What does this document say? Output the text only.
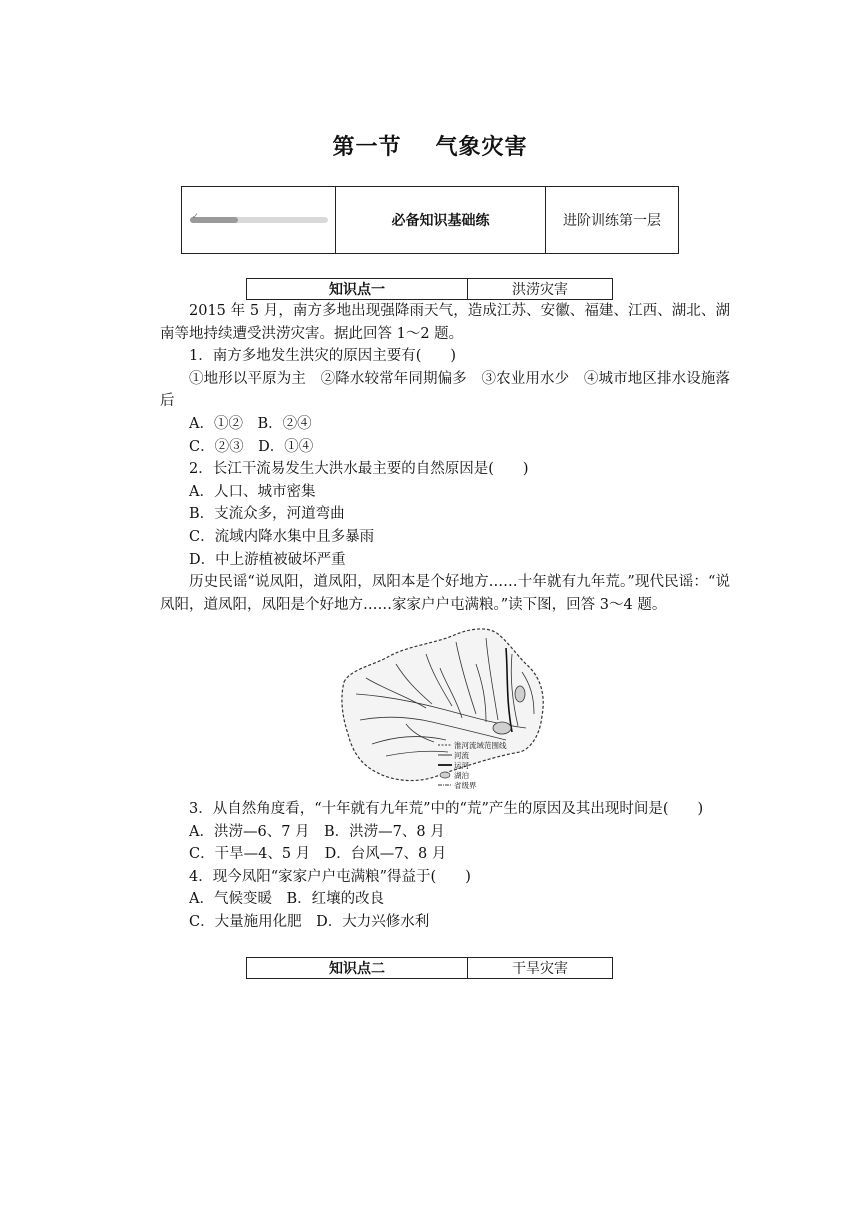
第一节 气象灾害
✓	必备知识基础练	进阶训练第一层
知识点一	洪涝灾害

2015 年 5 月，南方多地出现强降雨天气，造成江苏、安徽、福建、江西、湖北、湖南等地持续遭受洪涝灾害。据此回答 1～2 题。

1．南方多地发生洪灾的原因主要有(　　)

①地形以平原为主　②降水较常年同期偏多　③农业用水少　④城市地区排水设施落后

A．①②　B．②④

C．②③　D．①④

2．长江干流易发生大洪水最主要的自然原因是(　　)

A．人口、城市密集

B．支流众多，河道弯曲

C．流域内降水集中且多暴雨

D．中上游植被破坏严重

历史民谣“说凤阳，道凤阳，凤阳本是个好地方……十年就有九年荒。”现代民谣：“说凤阳，道凤阳，凤阳是个好地方……家家户户屯满粮。”读下图，回答 3～4 题。

淮河流域范围线
河流
运河
湖泊
省级界

3．从自然角度看，“十年就有九年荒”中的“荒”产生的原因及其出现时间是(　　)

A．洪涝—6、7 月　B．洪涝—7、8 月

C．干旱—4、5 月　D．台风—7、8 月

4．现今凤阳“家家户户屯满粮”得益于(　　)

A．气候变暖　B．红壤的改良

C．大量施用化肥　D．大力兴修水利

知识点二	干旱灾害
